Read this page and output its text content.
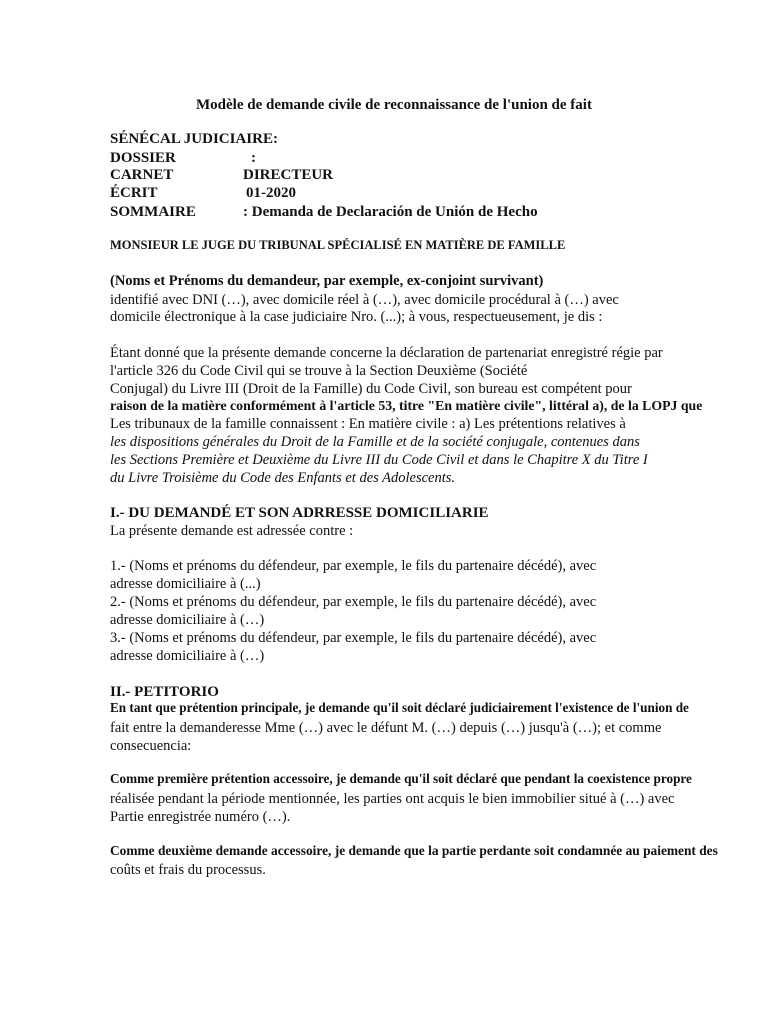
Modèle de demande civile de reconnaissance de l'union de fait
SÉNÉCAL JUDICIAIRE:
DOSSIER	:
CARNET	DIRECTEUR
ÉCRIT	01-2020
SOMMAIRE	: Demanda de Declaración de Unión de Hecho
MONSIEUR LE JUGE DU TRIBUNAL SPÉCIALISÉ EN MATIÈRE DE FAMILLE
(Noms et Prénoms du demandeur, par exemple, ex-conjoint survivant)
identifié avec DNI (…), avec domicile réel à (…), avec domicile procédural à (…) avec
domicile électronique à la case judiciaire Nro. (...); à vous, respectueusement, je dis :
Étant donné que la présente demande concerne la déclaration de partenariat enregistré régie par
l'article 326 du Code Civil qui se trouve à la Section Deuxième (Société
Conjugal) du Livre III (Droit de la Famille) du Code Civil, son bureau est compétent pour
raison de la matière conformément à l'article 53, titre "En matière civile", littéral a), de la LOPJ que
Les tribunaux de la famille connaissent : En matière civile : a) Les prétentions relatives à
les dispositions générales du Droit de la Famille et de la société conjugale, contenues dans
les Sections Première et Deuxième du Livre III du Code Civil et dans le Chapitre X du Titre I
du Livre Troisième du Code des Enfants et des Adolescents.
I.- DU DEMANDÉ ET SON ADRRESSE DOMICILIARIE
La présente demande est adressée contre :
1.- (Noms et prénoms du défendeur, par exemple, le fils du partenaire décédé), avec
adresse domiciliaire à (...)
2.- (Noms et prénoms du défendeur, par exemple, le fils du partenaire décédé), avec
adresse domiciliaire à (…)
3.- (Noms et prénoms du défendeur, par exemple, le fils du partenaire décédé), avec
adresse domiciliaire à (…)
II.- PETITORIO
En tant que prétention principale, je demande qu'il soit déclaré judiciairement l'existence de l'union de
fait entre la demanderesse Mme (…) avec le défunt M. (…) depuis (…) jusqu'à (…); et comme
consecuencia:
Comme première prétention accessoire, je demande qu'il soit déclaré que pendant la coexistence propre
réalisée pendant la période mentionnée, les parties ont acquis le bien immobilier situé à (…) avec
Partie enregistrée numéro (…).
Comme deuxième demande accessoire, je demande que la partie perdante soit condamnée au paiement des
coûts et frais du processus.
